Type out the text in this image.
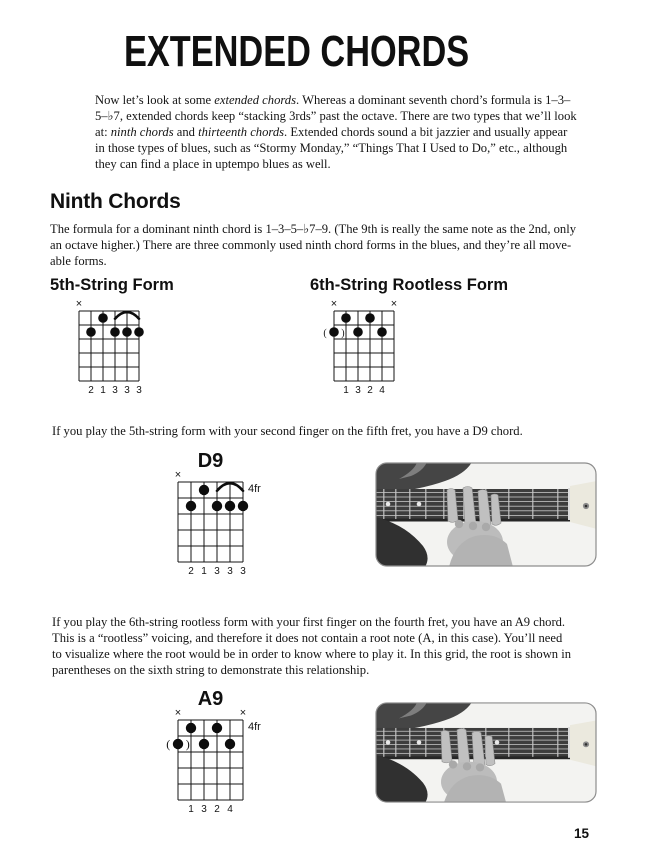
EXTENDED CHORDS
Now let’s look at some extended chords. Whereas a dominant seventh chord’s formula is 1–3–
5–♭7, extended chords keep “stacking 3rds” past the octave. There are two types that we’ll look
at: ninth chords and thirteenth chords. Extended chords sound a bit jazzier and usually appear
in those types of blues, such as “Stormy Monday,” “Things That I Used to Do,” etc., although
they can find a place in uptempo blues as well.
Ninth Chords
The formula for a dominant ninth chord is 1–3–5–♭7–9. (The 9th is really the same note as the 2nd, only
an octave higher.) There are three commonly used ninth chord forms in the blues, and they’re all move-
able forms.
5th-String Form	6th-String Rootless Form
×
2 1 3 3 3
×	×
( )
1 3 2 4
If you play the 5th-string form with your second finger on the fifth fret, you have a D9 chord.
D9
×
2 1 3 3 3
4fr
If you play the 6th-string rootless form with your first finger on the fourth fret, you have an A9 chord.
This is a “rootless” voicing, and therefore it does not contain a root note (A, in this case). You’ll need
to visualize where the root would be in order to know where to play it. In this grid, the root is shown in
parentheses on the sixth string to demonstrate this relationship.
A9
×	×
( )
1 3 2 4
4fr
15
